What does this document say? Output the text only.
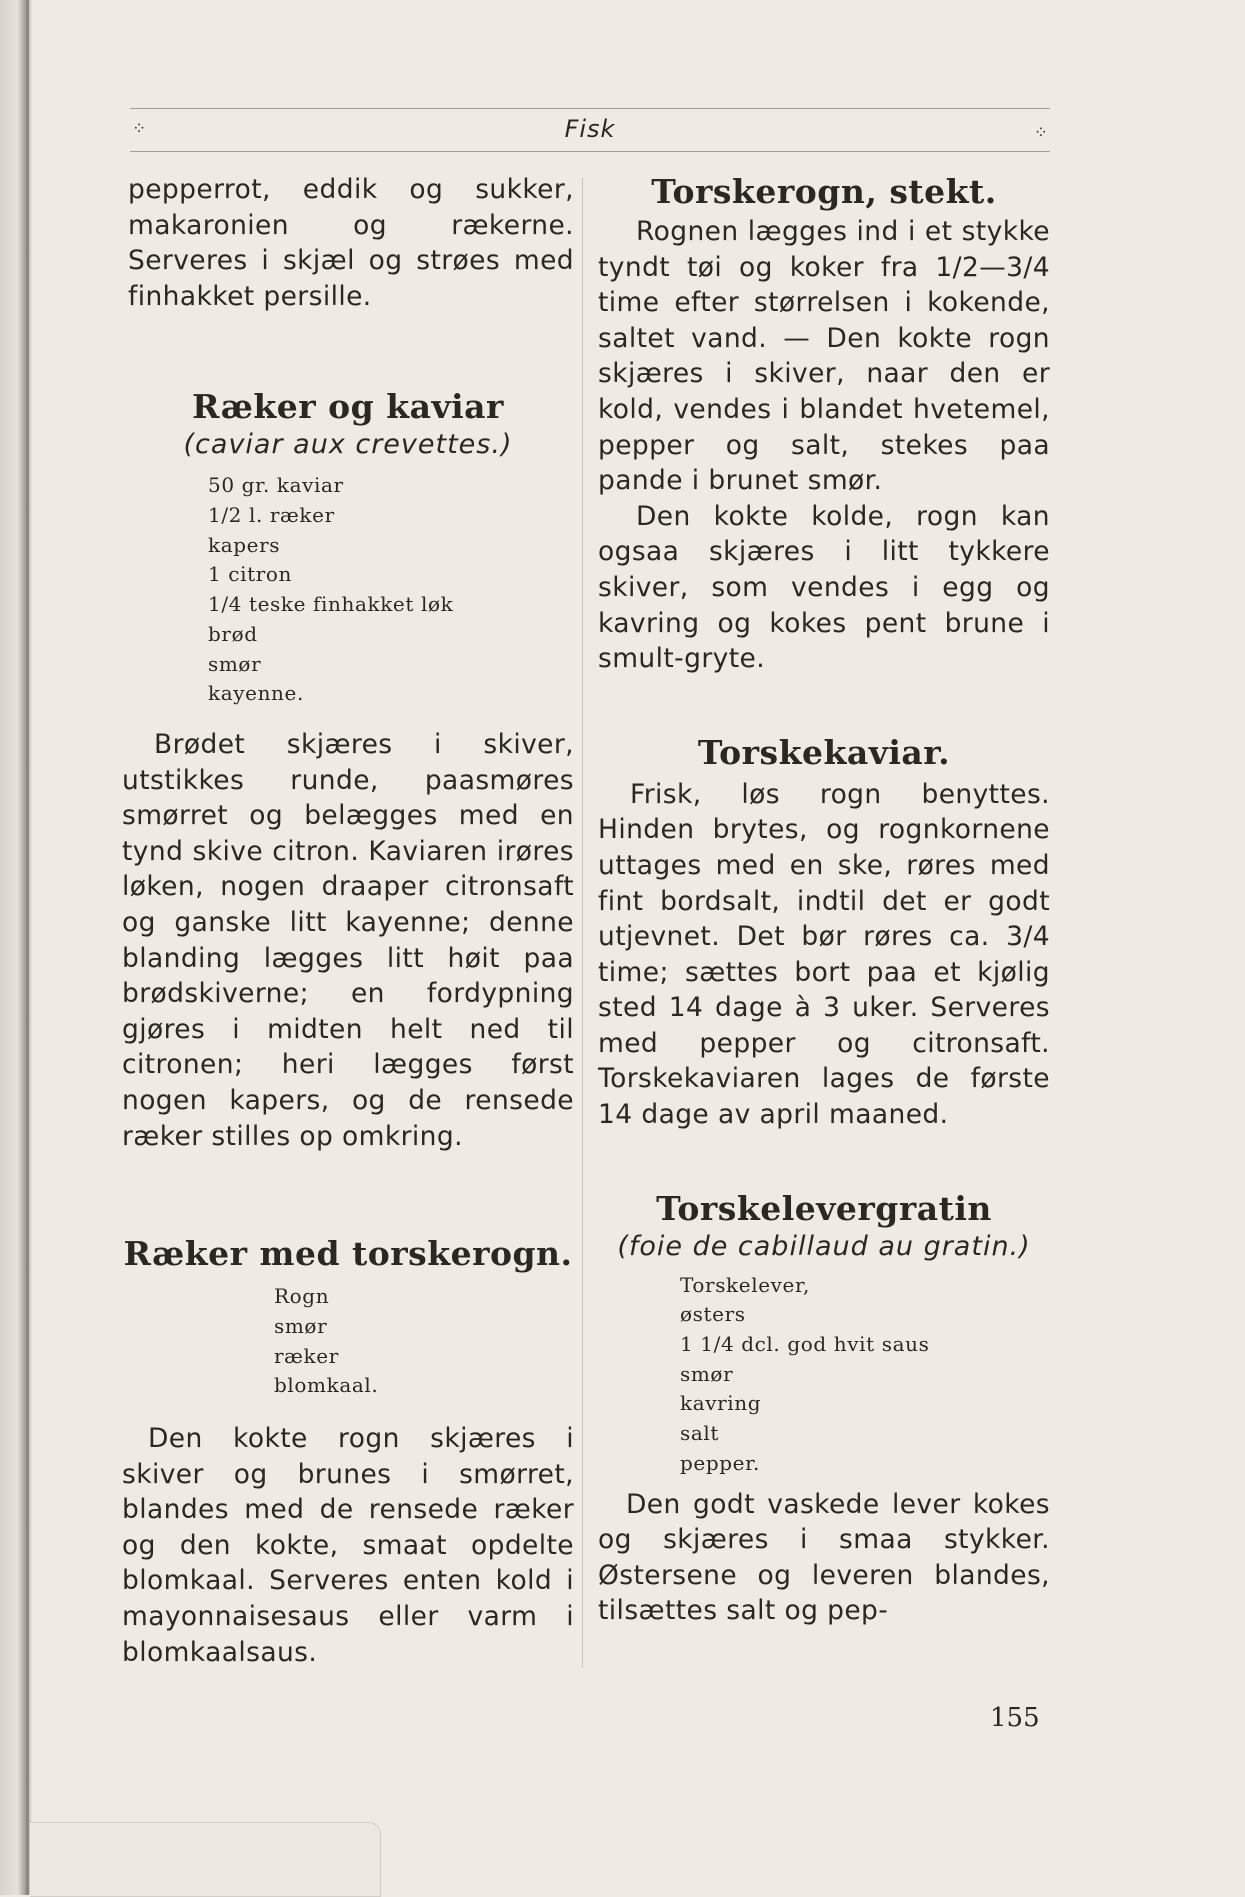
⁘	Fisk	⁘

pepperrot, eddik og sukker, makaronien og rækerne. Serveres i skjæl og strøes med finhakket persille.

Ræker og kaviar

(caviar aux crevettes.)

50 gr. kaviar
1/2 l. ræker
kapers
1 citron
1/4 teske finhakket løk
brød
smør
kayenne.

Brødet skjæres i skiver, utstikkes runde, paasmøres smørret og belægges med en tynd skive citron. Kaviaren irøres løken, nogen draaper citronsaft og ganske litt kayenne; denne blanding lægges litt høit paa brødskiverne; en fordypning gjøres i midten helt ned til citronen; heri lægges først nogen kapers, og de rensede ræker stilles op omkring.

Ræker med torskerogn.
Rogn
smør
ræker
blomkaal.

Den kokte rogn skjæres i skiver og brunes i smørret, blandes med de rensede ræker og den kokte, smaat opdelte blomkaal. Serveres enten kold i mayonnaisesaus eller varm i blomkaalsaus.

Torskerogn, stekt.

Rognen lægges ind i et stykke tyndt tøi og koker fra 1/2—3/4 time efter størrelsen i kokende, saltet vand. — Den kokte rogn skjæres i skiver, naar den er kold, vendes i blandet hvetemel, pepper og salt, stekes paa pande i brunet smør.

Den kokte kolde, rogn kan ogsaa skjæres i litt tykkere skiver, som vendes i egg og kavring og kokes pent brune i smult-gryte.

Torskekaviar.

Frisk, løs rogn benyttes. Hinden brytes, og rognkornene uttages med en ske, røres med fint bordsalt, indtil det er godt utjevnet. Det bør røres ca. 3/4 time; sættes bort paa et kjølig sted 14 dage à 3 uker. Serveres med pepper og citronsaft. Torskekaviaren lages de første 14 dage av april maaned.

Torskelevergratin

(foie de cabillaud au gratin.)

Torskelever,
østers
1 1/4 dcl. god hvit saus
smør
kavring
salt
pepper.

Den godt vaskede lever kokes og skjæres i smaa stykker. Østersene og leveren blandes, tilsættes salt og pep-

155
